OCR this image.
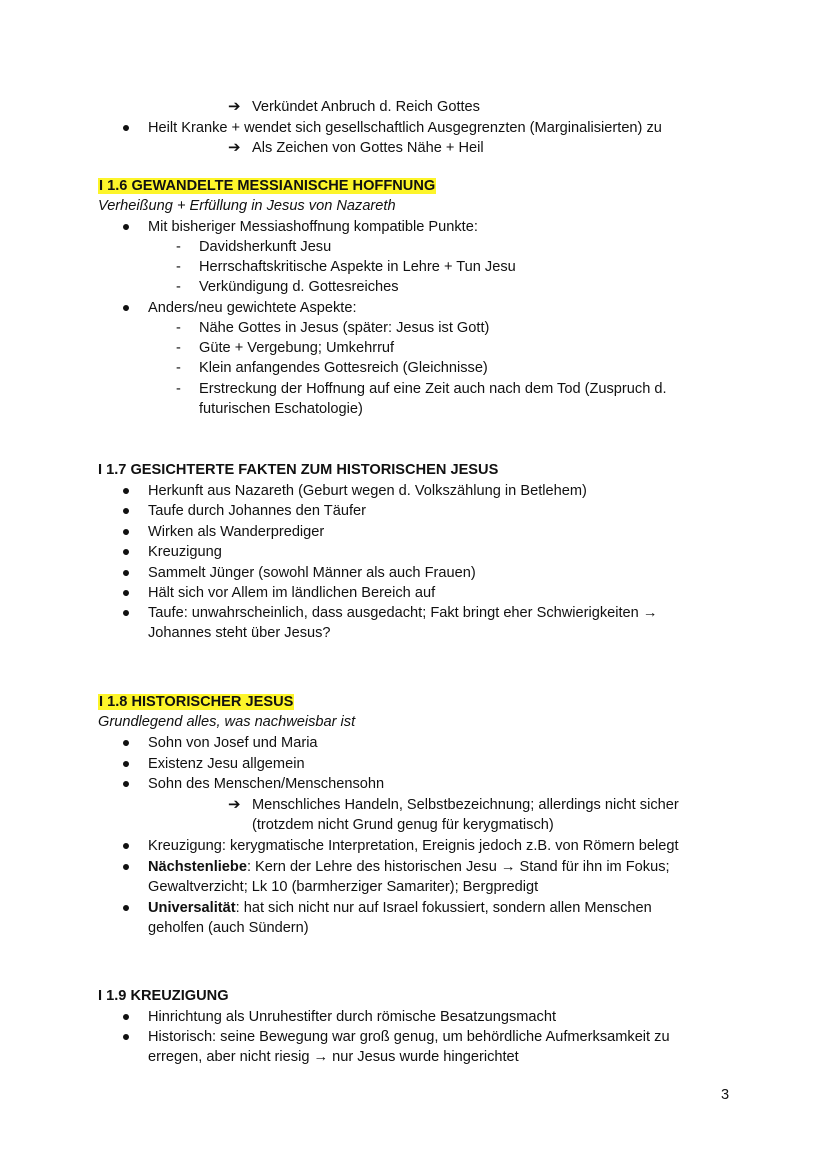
➔ Verkündet Anbruch d. Reich Gottes
Heilt Kranke + wendet sich gesellschaftlich Ausgegrenzten (Marginalisierten) zu
➔ Als Zeichen von Gottes Nähe + Heil
I 1.6 GEWANDELTE MESSIANISCHE HOFFNUNG
Verheißung + Erfüllung in Jesus von Nazareth
Mit bisheriger Messiashoffnung kompatible Punkte:
- Davidsherkunft Jesu
- Herrschaftskritische Aspekte in Lehre + Tun Jesu
- Verkündigung d. Gottesreiches
Anders/neu gewichtete Aspekte:
- Nähe Gottes in Jesus (später: Jesus ist Gott)
- Güte + Vergebung; Umkehrruf
- Klein anfangendes Gottesreich (Gleichnisse)
- Erstreckung der Hoffnung auf eine Zeit auch nach dem Tod (Zuspruch d.
futurischen Eschatologie)
I 1.7 GESICHTERTE FAKTEN ZUM HISTORISCHEN JESUS
Herkunft aus Nazareth (Geburt wegen d. Volkszählung in Betlehem)
Taufe durch Johannes den Täufer
Wirken als Wanderprediger
Kreuzigung
Sammelt Jünger (sowohl Männer als auch Frauen)
Hält sich vor Allem im ländlichen Bereich auf
Taufe: unwahrscheinlich, dass ausgedacht; Fakt bringt eher Schwierigkeiten →
Johannes steht über Jesus?
I 1.8 HISTORISCHER JESUS
Grundlegend alles, was nachweisbar ist
Sohn von Josef und Maria
Existenz Jesu allgemein
Sohn des Menschen/Menschensohn
➔ Menschliches Handeln, Selbstbezeichnung; allerdings nicht sicher
(trotzdem nicht Grund genug für kerygmatisch)
Kreuzigung: kerygmatische Interpretation, Ereignis jedoch z.B. von Römern belegt
Nächstenliebe: Kern der Lehre des historischen Jesu → Stand für ihn im Fokus;
Gewaltverzicht; Lk 10 (barmherziger Samariter); Bergpredigt
Universalität: hat sich nicht nur auf Israel fokussiert, sondern allen Menschen
geholfen (auch Sündern)
I 1.9 KREUZIGUNG
Hinrichtung als Unruhestifter durch römische Besatzungsmacht
Historisch: seine Bewegung war groß genug, um behördliche Aufmerksamkeit zu
erregen, aber nicht riesig → nur Jesus wurde hingerichtet
3
